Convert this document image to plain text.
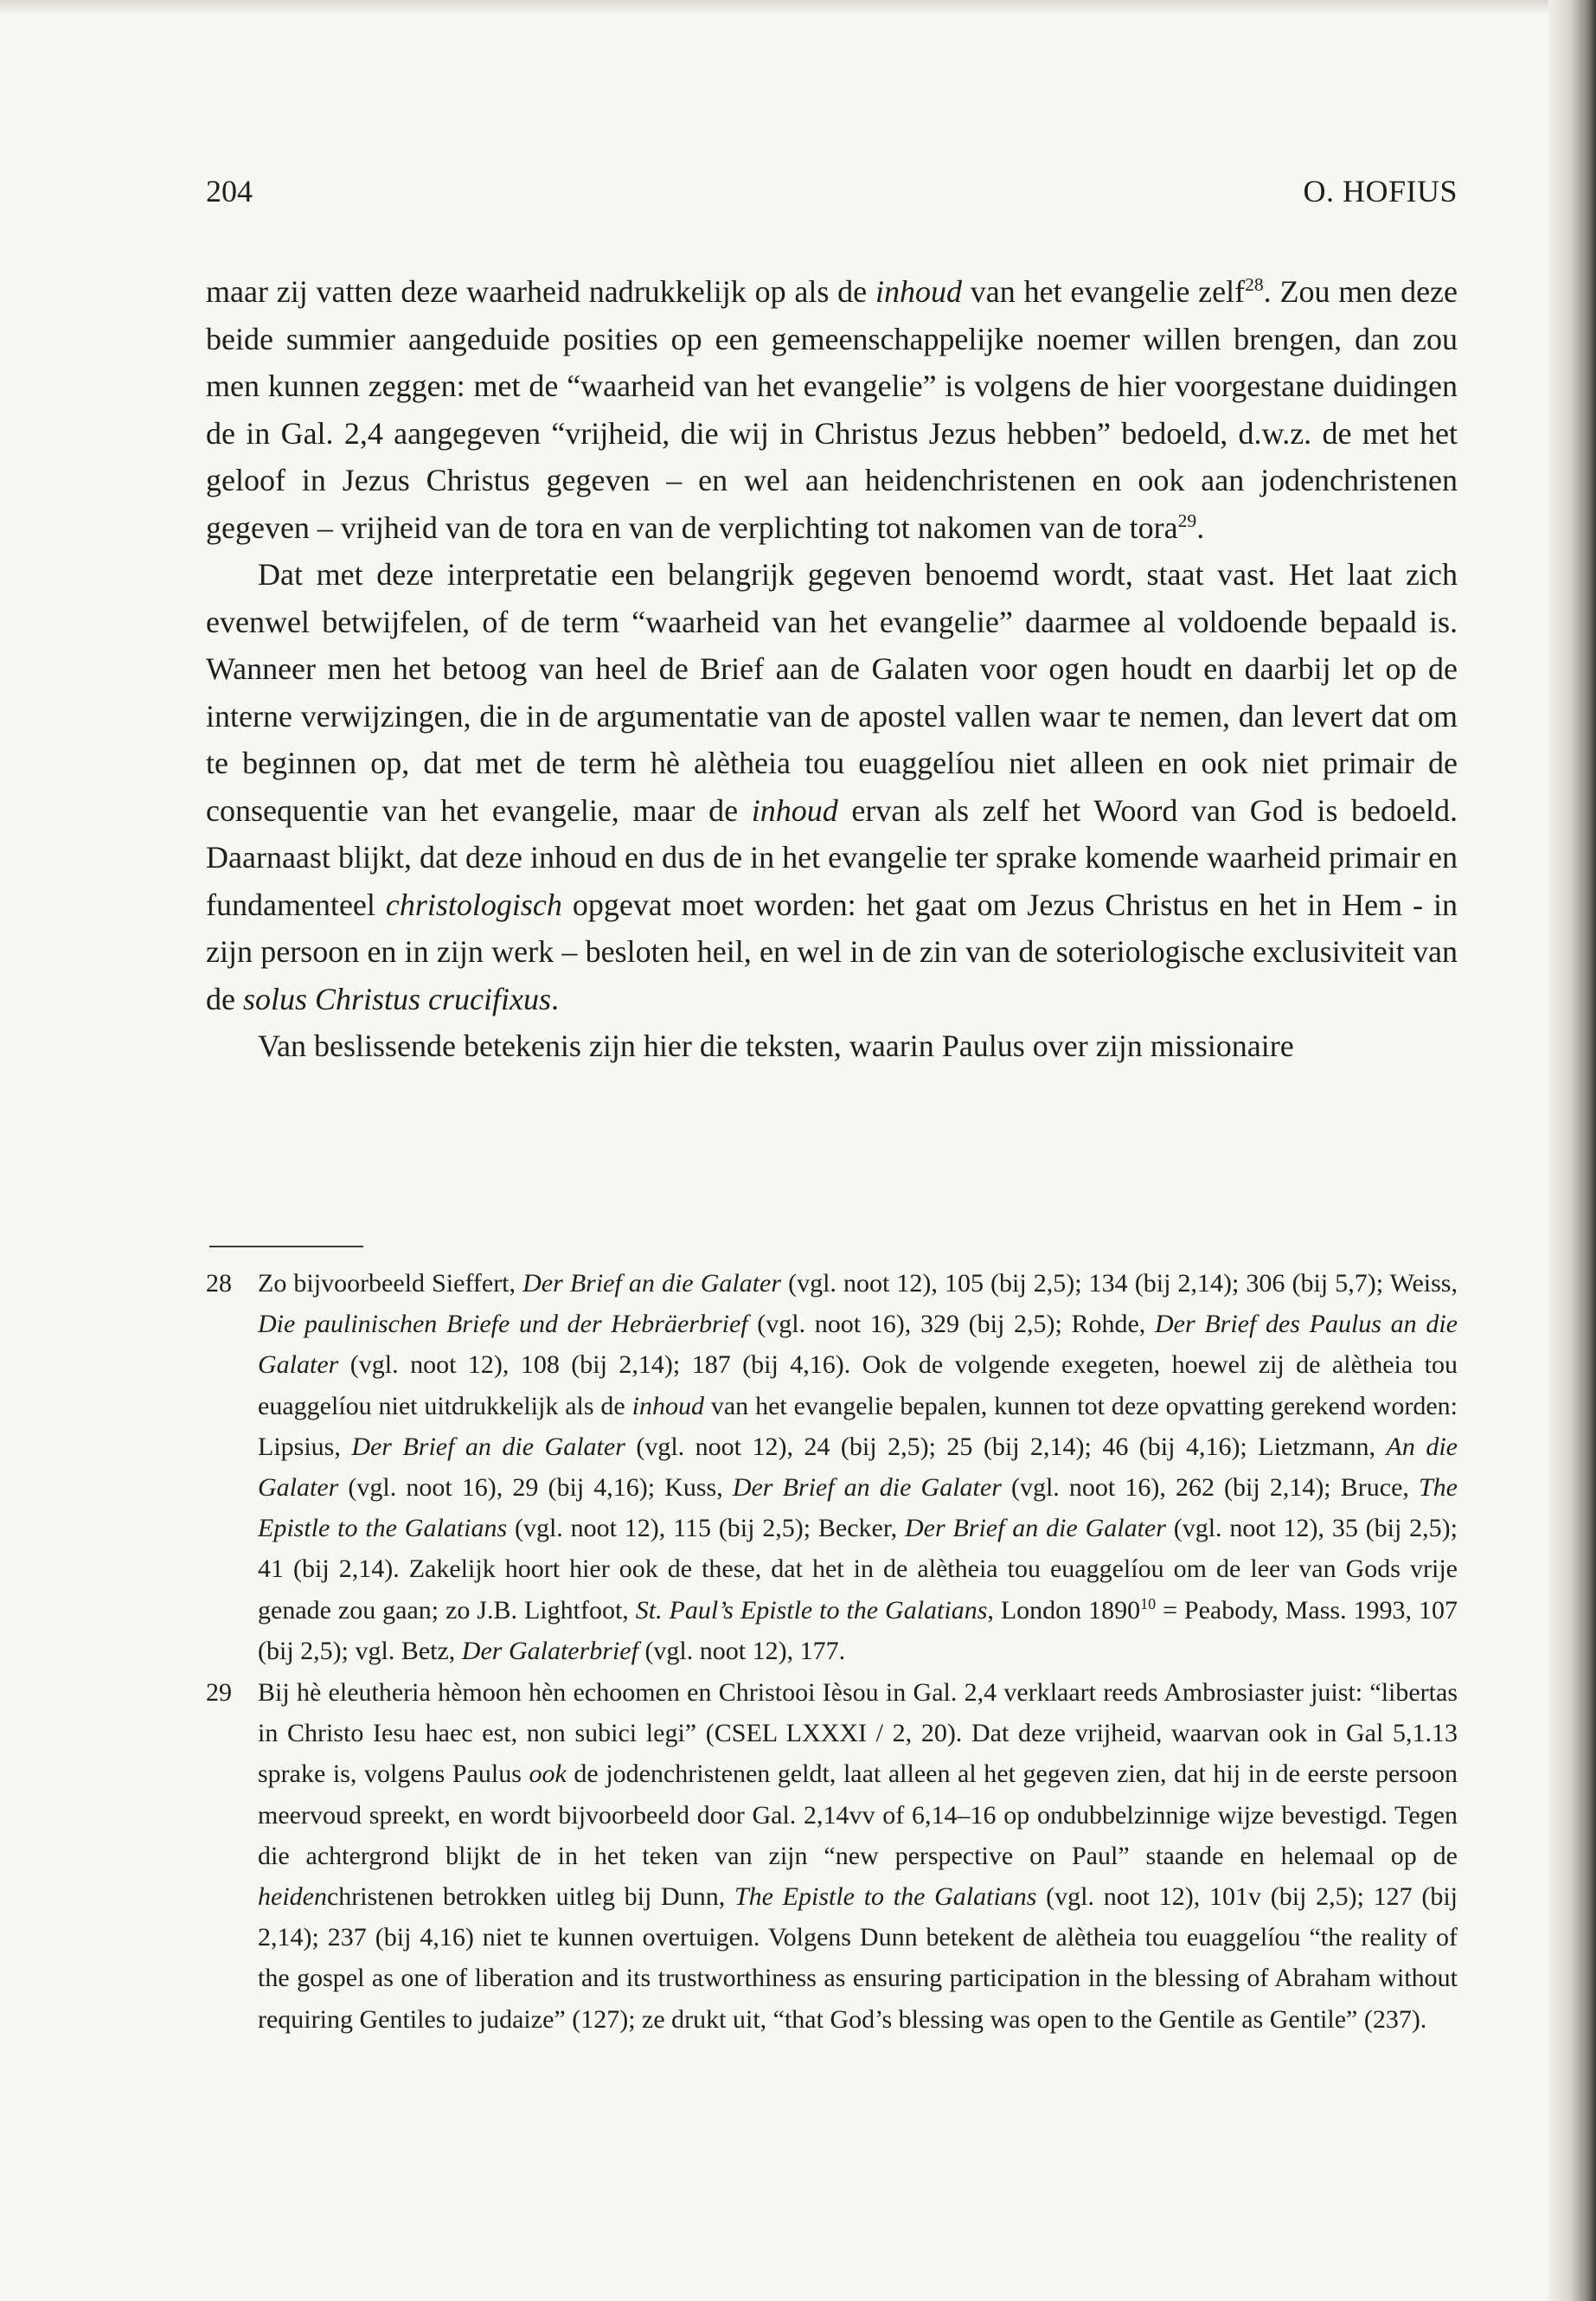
204	O. HOFIUS

maar zij vatten deze waarheid nadrukkelijk op als de inhoud van het evangelie zelf$^{28}$. Zou men deze beide summier aangeduide posities op een gemeenschappelijke noemer willen brengen, dan zou men kunnen zeggen: met de “waarheid van het evangelie” is volgens de hier voorgestane duidingen de in Gal. 2,4 aangegeven “vrijheid, die wij in Christus Jezus hebben” bedoeld, d.w.z. de met het geloof in Jezus Christus gegeven – en wel aan heidenchristenen en ook aan jodenchristenen gegeven – vrijheid van de tora en van de verplichting tot nakomen van de tora$^{29}$.

Dat met deze interpretatie een belangrijk gegeven benoemd wordt, staat vast. Het laat zich evenwel betwijfelen, of de term “waarheid van het evangelie” daarmee al voldoende bepaald is. Wanneer men het betoog van heel de Brief aan de Galaten voor ogen houdt en daarbij let op de interne verwijzingen, die in de argumentatie van de apostel vallen waar te nemen, dan levert dat om te beginnen op, dat met de term hè alètheia tou euaggelíou niet alleen en ook niet primair de consequentie van het evangelie, maar de inhoud ervan als zelf het Woord van God is bedoeld. Daarnaast blijkt, dat deze inhoud en dus de in het evangelie ter sprake komende waarheid primair en fundamenteel christologisch opgevat moet worden: het gaat om Jezus Christus en het in Hem - in zijn persoon en in zijn werk – besloten heil, en wel in de zin van de soteriologische exclusiviteit van de solus Christus crucifixus.

Van beslissende betekenis zijn hier die teksten, waarin Paulus over zijn missionaire

28	Zo bijvoorbeeld Sieffert, Der Brief an die Galater (vgl. noot 12), 105 (bij 2,5); 134 (bij 2,14); 306 (bij 5,7); Weiss, Die paulinischen Briefe und der Hebräerbrief (vgl. noot 16), 329 (bij 2,5); Rohde, Der Brief des Paulus an die Galater (vgl. noot 12), 108 (bij 2,14); 187 (bij 4,16). Ook de volgende exegeten, hoewel zij de alètheia tou euaggelíou niet uitdrukkelijk als de inhoud van het evangelie bepalen, kunnen tot deze opvatting gerekend worden: Lipsius, Der Brief an die Galater (vgl. noot 12), 24 (bij 2,5); 25 (bij 2,14); 46 (bij 4,16); Lietzmann, An die Galater (vgl. noot 16), 29 (bij 4,16); Kuss, Der Brief an die Galater (vgl. noot 16), 262 (bij 2,14); Bruce, The Epistle to the Galatians (vgl. noot 12), 115 (bij 2,5); Becker, Der Brief an die Galater (vgl. noot 12), 35 (bij 2,5); 41 (bij 2,14). Zakelijk hoort hier ook de these, dat het in de alètheia tou euaggelíou om de leer van Gods vrije genade zou gaan; zo J.B. Lightfoot, St. Paul’s Epistle to the Galatians, London $1890^{10}$ = Peabody, Mass. 1993, 107 (bij 2,5); vgl. Betz, Der Galaterbrief (vgl. noot 12), 177.
29	Bij hè eleutheria hèmoon hèn echoomen en Christooi Ièsou in Gal. 2,4 verklaart reeds Ambrosiaster juist: “libertas in Christo Iesu haec est, non subici legi” (CSEL LXXXI / 2, 20). Dat deze vrijheid, waarvan ook in Gal 5,1.13 sprake is, volgens Paulus ook de jodenchristenen geldt, laat alleen al het gegeven zien, dat hij in de eerste persoon meervoud spreekt, en wordt bijvoorbeeld door Gal. 2,14vv of 6,14–16 op ondubbelzinnige wijze bevestigd. Tegen die achtergrond blijkt de in het teken van zijn “new perspective on Paul” staande en helemaal op de heidenchristenen betrokken uitleg bij Dunn, The Epistle to the Galatians (vgl. noot 12), 101v (bij 2,5); 127 (bij 2,14); 237 (bij 4,16) niet te kunnen overtuigen. Volgens Dunn betekent de alètheia tou euaggelíou “the reality of the gospel as one of liberation and its trustworthiness as ensuring participation in the blessing of Abraham without requiring Gentiles to judaize” (127); ze drukt uit, “that God’s blessing was open to the Gentile as Gentile” (237).
